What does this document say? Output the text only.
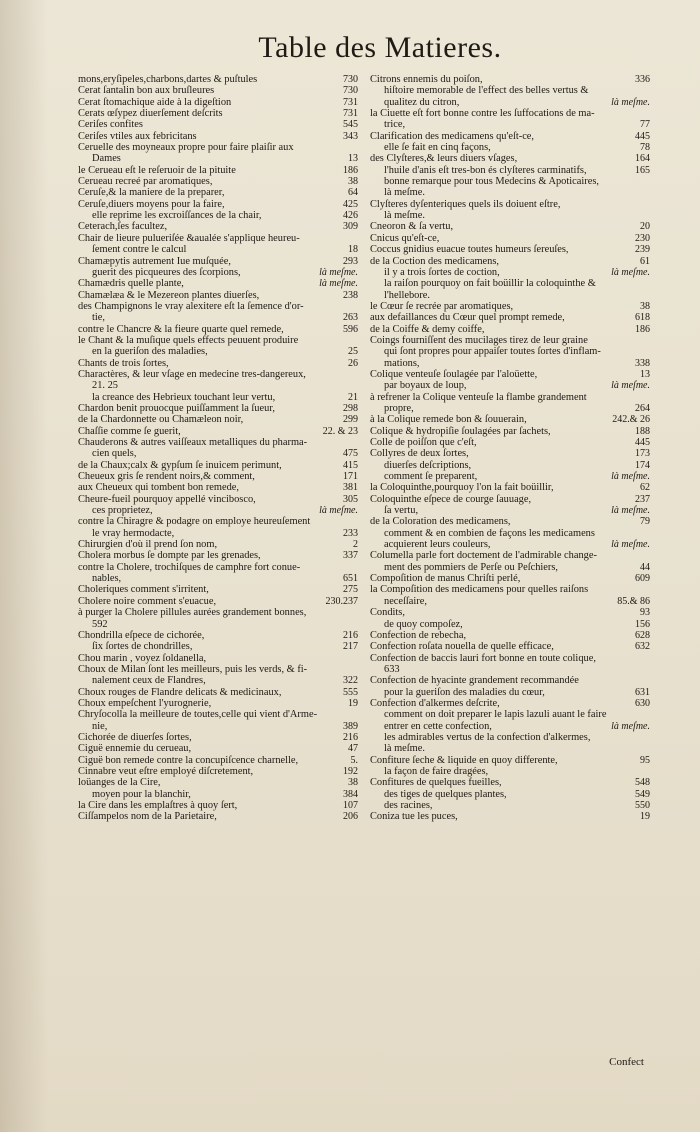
Table des Matieres.
mons,eryſipeles,charbons,dartes & puſtules	730
Cerat ſantalin bon aux bruſleures	730
Cerat ſtomachique aide à la digeſtion	731
Cerats œſypez diuerſement deſcrits	731
Ceriſes confites	545
Ceriſes vtiles aux febricitans	343
Ceruelle des moyneaux propre pour faire plaiſir aux
Dames	13
le Cerueau eſt le reſeruoir de la pituite	186
Cerueau recreé par aromatiques,	38
Ceruſe,& la maniere de la preparer,	64
Ceruſe,diuers moyens pour la faire,	425
elle reprime les excroiſſances de la chair,	426
Ceterach,ſes facultez,	309
Chair de lieure pulueriſée &aualée s'applique heureu-
ſement contre le calcul	18
Chamæpytis autrement Iue muſquée,	293
guerit des picqueures des ſcorpions,	là meſme.
Chamædris quelle plante,	là meſme.
Chamælæa & le Mezereon plantes diuerſes,	238
des Champignons le vray alexitere eſt la ſemence d'or-
tie,	263
contre le Chancre & la fieure quarte quel remede,	596
le Chant & la muſique quels effects peuuent produire
en la gueriſon des maladies,	25
Chants de trois ſortes,	26
Charactères, & leur vſage en medecine tres-dangereux,
21. 25
la creance des Hebrieux touchant leur vertu,	21
Chardon benit prouocque puiſſamment la ſueur,	298
de la Chardonnette ou Chamæleon noir,	299
Chaſſie comme ſe guerit,	22. & 23
Chauderons & autres vaiſſeaux metalliques du pharma-
cien quels,	475
de la Chaux;calx & gypſum ſe inuicem perimunt,	415
Cheueux gris ſe rendent noirs,& comment,	171
aux Cheueux qui tombent bon remede,	381
Cheure-fueil pourquoy appellé vincibosco,	305
ces proprietez,	là meſme.
contre la Chiragre & podagre on employe heureuſement
le vray hermodacte,	233
Chirurgien d'où il prend ſon nom,	2
Cholera morbus ſe dompte par les grenades,	337
contre la Cholere, trochiſques de camphre fort conue-
nables,	651
Choleriques comment s'irritent,	275
Cholere noire comment s'euacue,	230.237
à purger la Cholere pillules aurées grandement bonnes,
592
Chondrilla eſpece de cichorée,	216
ſix ſortes de chondrilles,	217
Chou marin , voyez ſoldanella,
Choux de Milan ſont les meilleurs, puis les verds, & fi-
nalement ceux de Flandres,	322
Choux rouges de Flandre delicats & medicinaux,	555
Choux empeſchent l'yurognerie,	19
Chryſocolla la meilleure de toutes,celle qui vient d'Arme-
nie,	389
Cichorée de diuerſes ſortes,	216
Ciguë ennemie du cerueau,	47
Ciguë bon remede contre la concupiſcence charnelle,	5.
Cinnabre veut eſtre employé diſcretement,	192
loüanges de la Cire,	38
moyen pour la blanchir,	384
la Cire dans les emplaſtres à quoy ſert,	107
Ciſſampelos nom de la Parietaire,	206
Citrons ennemis du poiſon,	336
hiſtoire memorable de l'effect des belles vertus &
qualitez du citron,	là meſme.
la Ciuette eſt fort bonne contre les ſuffocations de ma-
trice,	77
Clarification des medicamens qu'eſt-ce,	445
elle ſe fait en cinq façons,	78
des Clyſteres,& leurs diuers vſages,	164
l'huile d'anis eſt tres-bon és clyſteres carminatifs,	165
bonne remarque pour tous Medecins & Apoticaires,
là meſme.
Clyſteres dyſenteriques quels ils doiuent eſtre,
là meſme.
Cneoron & ſa vertu,	20
Cnicus qu'eſt-ce,	230
Coccus gnidius euacue toutes humeurs ſereuſes,	239
de la Coction des medicamens,	61
il y a trois ſortes de coction,	là meſme.
la raiſon pourquoy on fait boüillir la coloquinthe &
l'hellebore.
le Cœur ſe recrée par aromatiques,	38
aux defaillances du Cœur quel prompt remede,	618
de la Coiffe & demy coiffe,	186
Coings fourniſſent des mucilages tirez de leur graine
qui ſont propres pour appaiſer toutes ſortes d'inflam-
mations,	338
Colique venteuſe ſoulagée par l'aloüette,	13
par boyaux de loup,	là meſme.
à refrener la Colique venteuſe la flambe grandement
propre,	264
à la Colique remede bon & ſouuerain,	242.& 26
Colique & hydropiſie ſoulagées par ſachets,	188
Colle de poiſſon que c'eſt,	445
Collyres de deux ſortes,	173
diuerſes deſcriptions,	174
comment ſe preparent,	là meſme.
la Coloquinthe,pourquoy l'on la fait boüillir,	62
Coloquinthe eſpece de courge ſauuage,	237
ſa vertu,	là meſme.
de la Coloration des medicamens,	79
comment & en combien de façons les medicamens
acquierent leurs couleurs,	là meſme.
Columella parle fort doctement de l'admirable change-
ment des pommiers de Perſe ou Peſchiers,	44
Compoſition de manus Chriſti perlé,	609
la Compoſition des medicamens pour quelles raiſons
neceſſaire,	85.& 86
Condits,	93
de quoy compoſez,	156
Confection de rebecha,	628
Confection roſata nouella de quelle efficace,	632
Confection de baccis lauri fort bonne en toute colique,
633
Confection de hyacinte grandement recommandée
pour la gueriſon des maladies du cœur,	631
Confection d'alkermes deſcrite,	630
comment on doit preparer le lapis lazuli auant le faire
entrer en cette confection,	là meſme.
les admirables vertus de la confection d'alkermes,
là meſme.
Confiture ſeche & liquide en quoy differente,	95
la façon de faire dragées,
Confitures de quelques fueilles,	548
des tiges de quelques plantes,	549
des racines,	550
Coniza tue les puces,	19
Confect
